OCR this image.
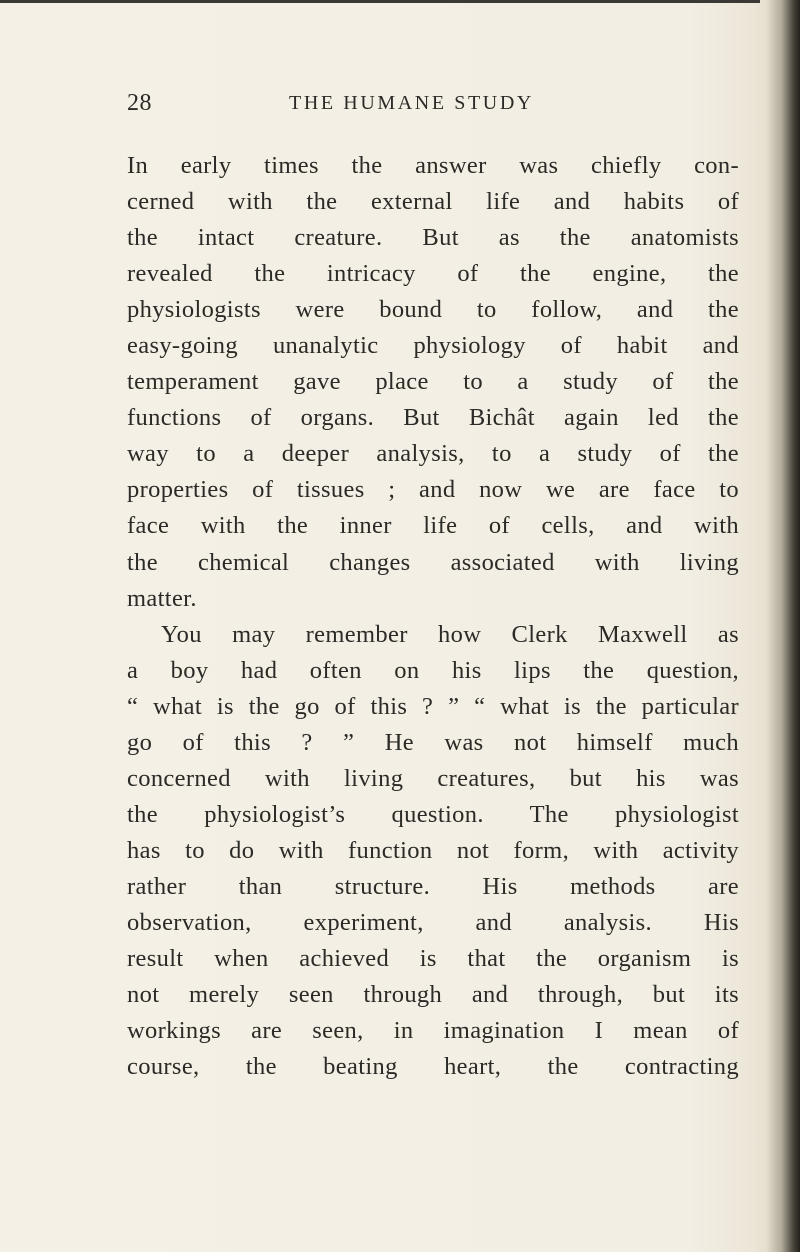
28	THE HUMANE STUDY
In early times the answer was chiefly con-
cerned with the external life and habits of
the intact creature. But as the anatomists
revealed the intricacy of the engine, the
physiologists were bound to follow, and the
easy-going unanalytic physiology of habit and
temperament gave place to a study of the
functions of organs. But Bichât again led the
way to a deeper analysis, to a study of the
properties of tissues ; and now we are face to
face with the inner life of cells, and with
the chemical changes associated with living
matter.
You may remember how Clerk Maxwell as
a boy had often on his lips the question,
“ what is the go of this ? ” “ what is the particular
go of this ? ” He was not himself much
concerned with living creatures, but his was
the physiologist’s question. The physiologist
has to do with function not form, with activity
rather than structure. His methods are
observation, experiment, and analysis. His
result when achieved is that the organism is
not merely seen through and through, but its
workings are seen, in imagination I mean of
course, the beating heart, the contracting
